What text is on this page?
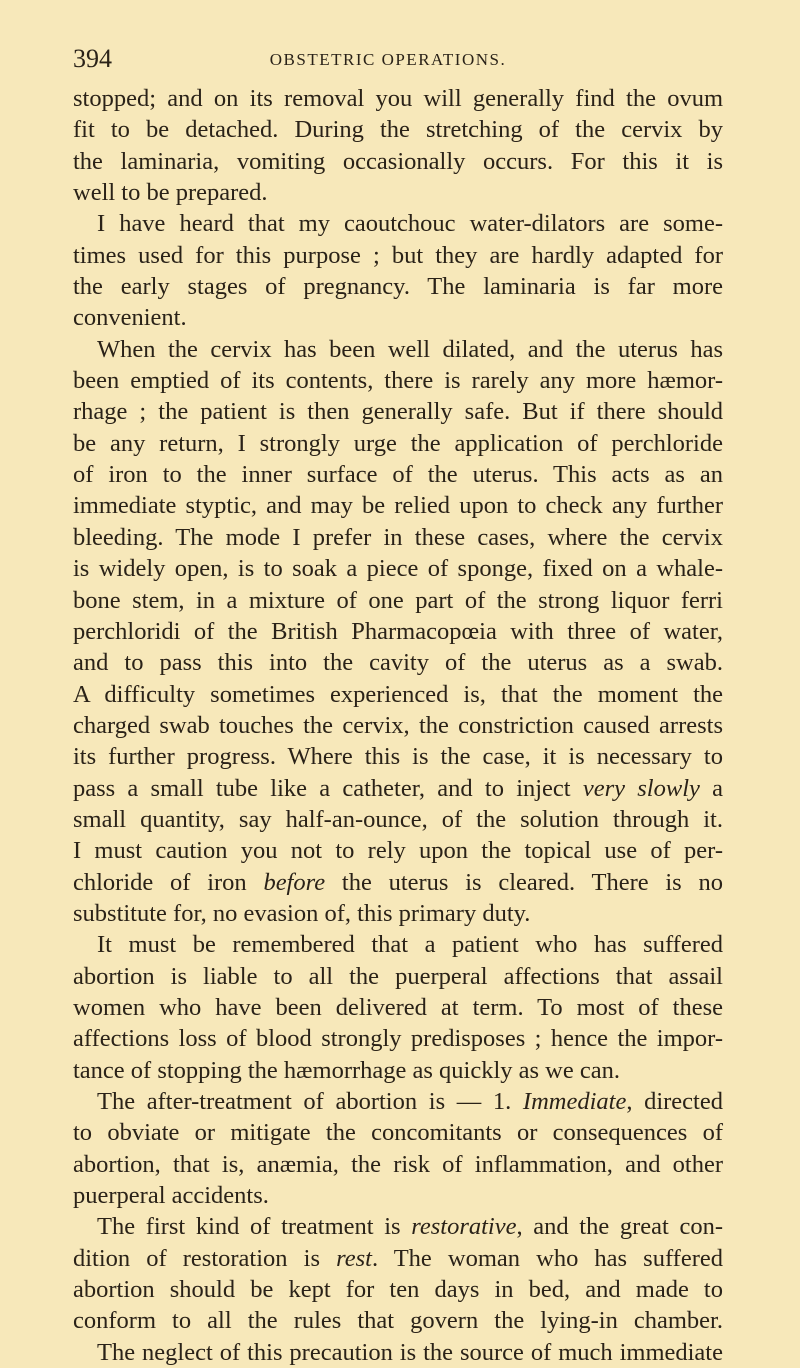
394	OBSTETRIC OPERATIONS.
stopped; and on its removal you will generally find the ovum
fit to be detached. During the stretching of the cervix by
the laminaria, vomiting occasionally occurs. For this it is
well to be prepared.
I have heard that my caoutchouc water-dilators are some-
times used for this purpose ; but they are hardly adapted for
the early stages of pregnancy. The laminaria is far more
convenient.
When the cervix has been well dilated, and the uterus has
been emptied of its contents, there is rarely any more hæmor-
rhage ; the patient is then generally safe. But if there should
be any return, I strongly urge the application of perchloride
of iron to the inner surface of the uterus. This acts as an
immediate styptic, and may be relied upon to check any further
bleeding. The mode I prefer in these cases, where the cervix
is widely open, is to soak a piece of sponge, fixed on a whale-
bone stem, in a mixture of one part of the strong liquor ferri
perchloridi of the British Pharmacopœia with three of water,
and to pass this into the cavity of the uterus as a swab.
A difficulty sometimes experienced is, that the moment the
charged swab touches the cervix, the constriction caused arrests
its further progress. Where this is the case, it is necessary to
pass a small tube like a catheter, and to inject very slowly a
small quantity, say half-an-ounce, of the solution through it.
I must caution you not to rely upon the topical use of per-
chloride of iron before the uterus is cleared. There is no
substitute for, no evasion of, this primary duty.
It must be remembered that a patient who has suffered
abortion is liable to all the puerperal affections that assail
women who have been delivered at term. To most of these
affections loss of blood strongly predisposes ; hence the impor-
tance of stopping the hæmorrhage as quickly as we can.
The after-treatment of abortion is — 1. Immediate, directed
to obviate or mitigate the concomitants or consequences of
abortion, that is, anæmia, the risk of inflammation, and other
puerperal accidents.
The first kind of treatment is restorative, and the great con-
dition of restoration is rest. The woman who has suffered
abortion should be kept for ten days in bed, and made to
conform to all the rules that govern the lying-in chamber.
The neglect of this precaution is the source of much immediate
